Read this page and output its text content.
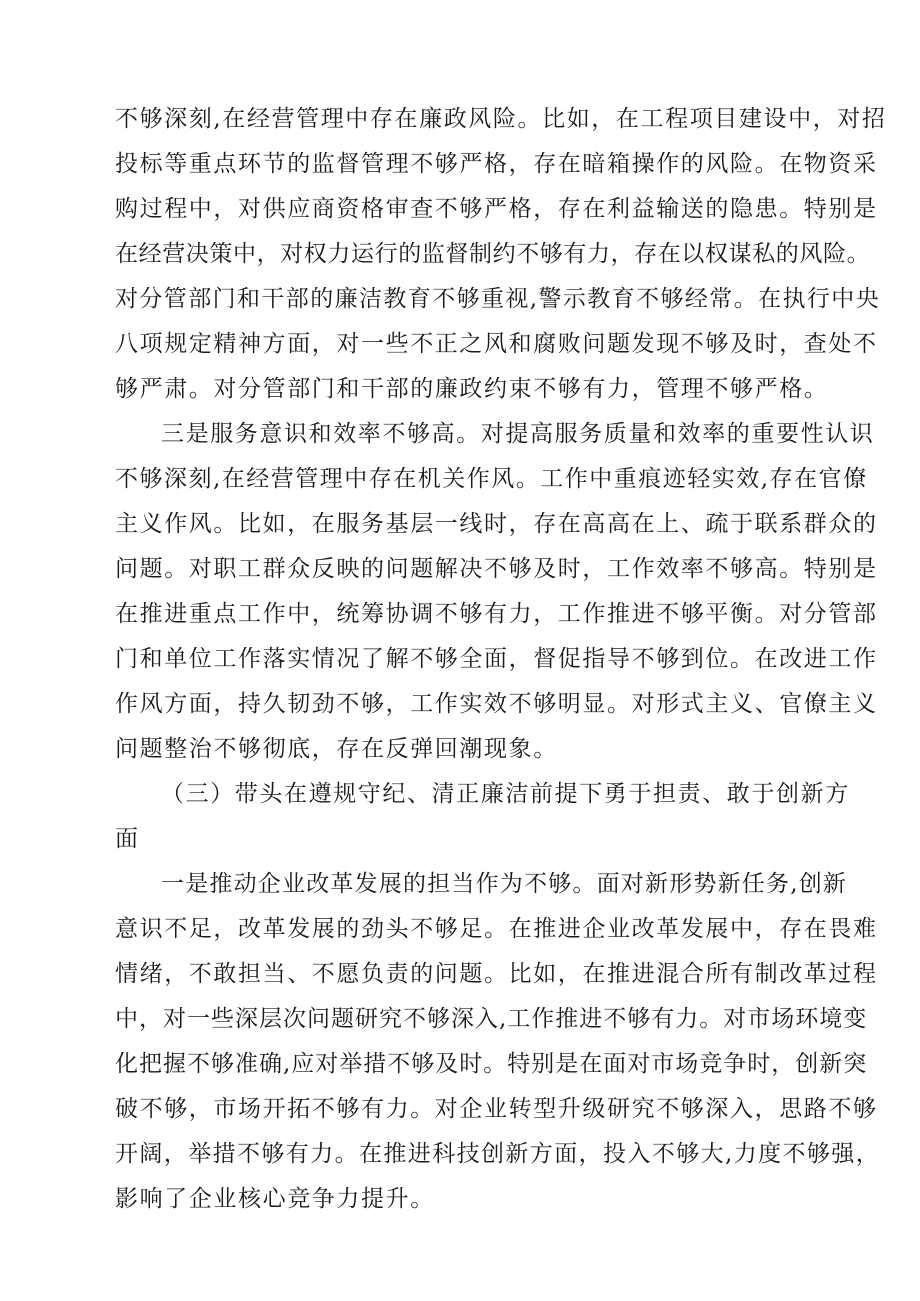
不够深刻,在经营管理中存在廉政风险。比如，在工程项目建设中，对招
投标等重点环节的监督管理不够严格，存在暗箱操作的风险。在物资采
购过程中，对供应商资格审查不够严格，存在利益输送的隐患。特别是
在经营决策中，对权力运行的监督制约不够有力，存在以权谋私的风险。
对分管部门和干部的廉洁教育不够重视,警示教育不够经常。在执行中央
八项规定精神方面，对一些不正之风和腐败问题发现不够及时，查处不
够严肃。对分管部门和干部的廉政约束不够有力，管理不够严格。
三是服务意识和效率不够高。对提高服务质量和效率的重要性认识
不够深刻,在经营管理中存在机关作风。工作中重痕迹轻实效,存在官僚
主义作风。比如，在服务基层一线时，存在高高在上、疏于联系群众的
问题。对职工群众反映的问题解决不够及时，工作效率不够高。特别是
在推进重点工作中，统筹协调不够有力，工作推进不够平衡。对分管部
门和单位工作落实情况了解不够全面，督促指导不够到位。在改进工作
作风方面，持久韧劲不够，工作实效不够明显。对形式主义、官僚主义
问题整治不够彻底，存在反弹回潮现象。
（三）带头在遵规守纪、清正廉洁前提下勇于担责、敢于创新方
面
一是推动企业改革发展的担当作为不够。面对新形势新任务,创新
意识不足，改革发展的劲头不够足。在推进企业改革发展中，存在畏难
情绪，不敢担当、不愿负责的问题。比如，在推进混合所有制改革过程
中，对一些深层次问题研究不够深入,工作推进不够有力。对市场环境变
化把握不够准确,应对举措不够及时。特别是在面对市场竞争时，创新突
破不够，市场开拓不够有力。对企业转型升级研究不够深入，思路不够
开阔，举措不够有力。在推进科技创新方面，投入不够大,力度不够强，
影响了企业核心竞争力提升。
